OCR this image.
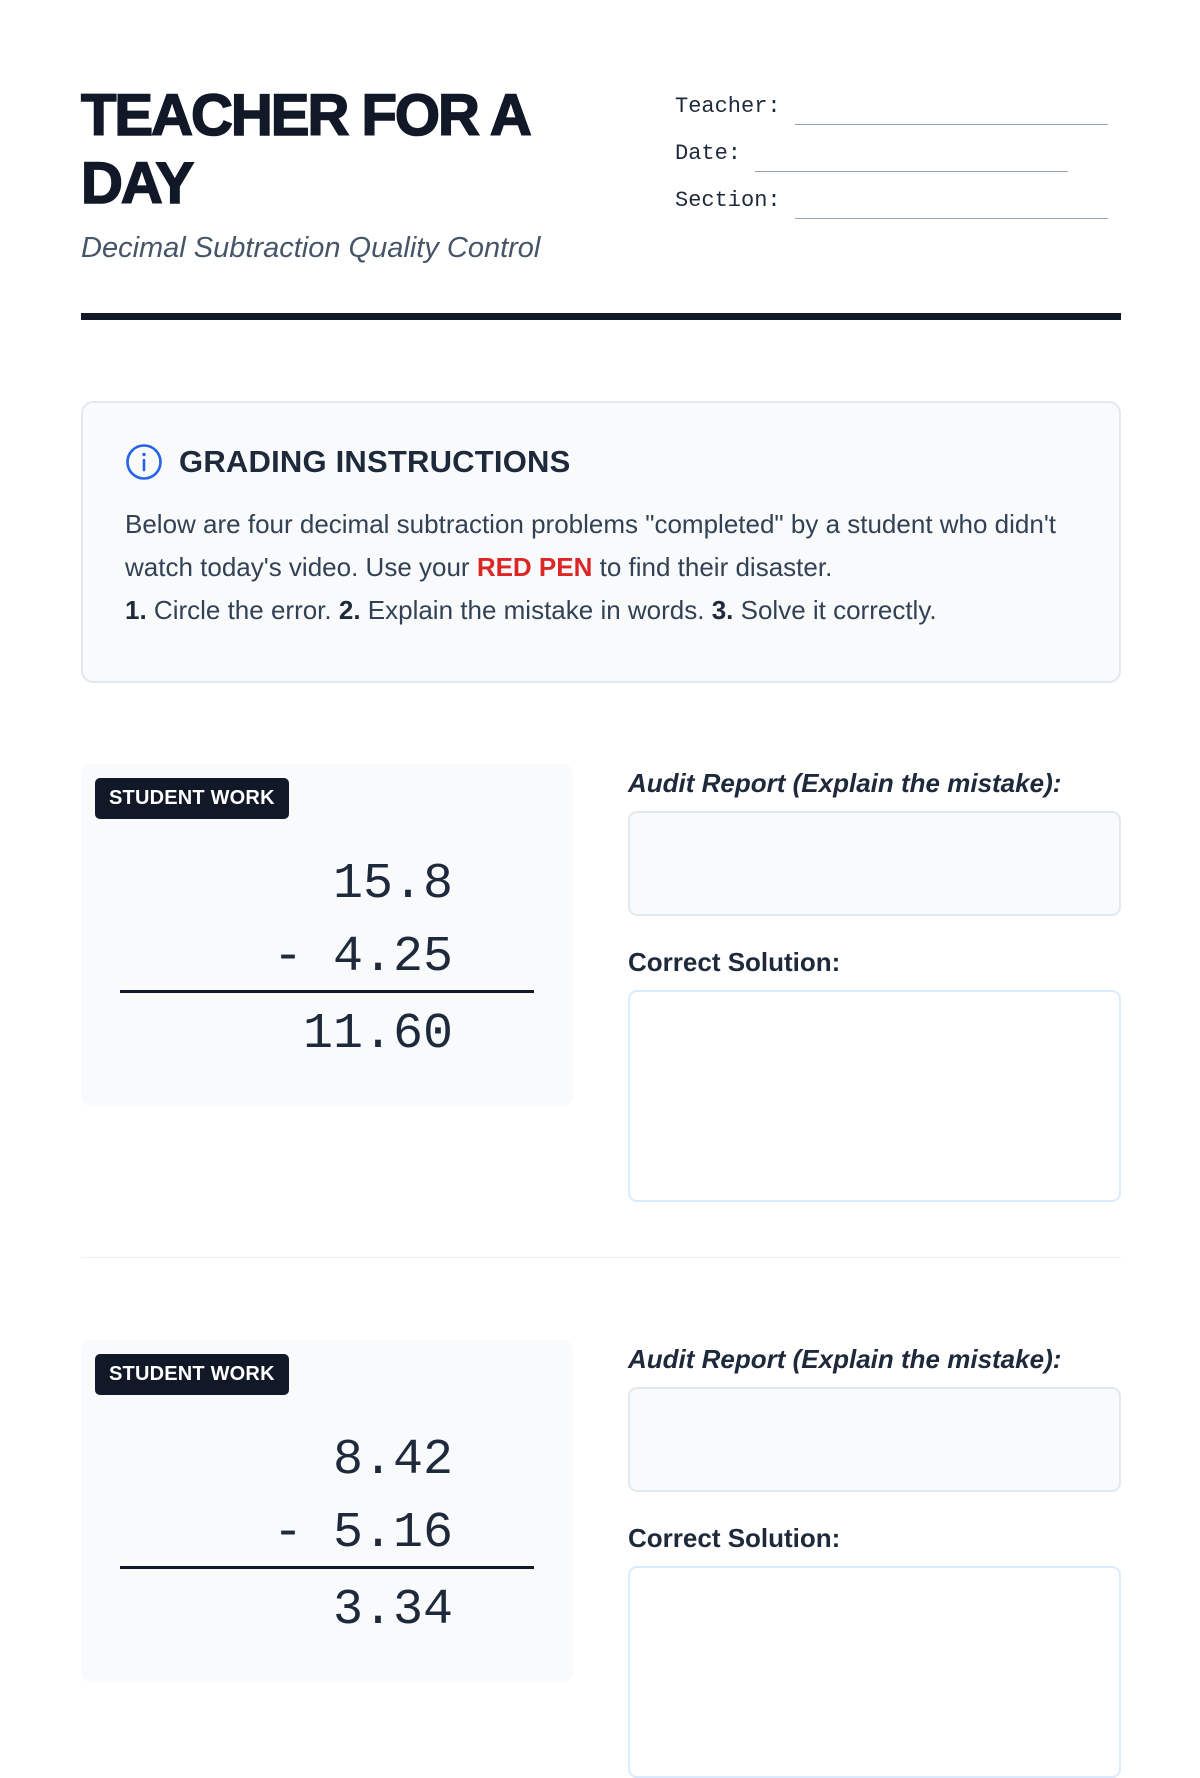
TEACHER FOR A DAY
Decimal Subtraction Quality Control
Teacher:
Date:
Section:
GRADING INSTRUCTIONS
Below are four decimal subtraction problems "completed" by a student who didn't watch today's video. Use your RED PEN to find their disaster.
1. Circle the error. 2. Explain the mistake in words. 3. Solve it correctly.
STUDENT WORK
15.8
- 4.25
11.60
Audit Report (Explain the mistake):
Correct Solution:
STUDENT WORK
8.42
- 5.16
3.34
Audit Report (Explain the mistake):
Correct Solution:
